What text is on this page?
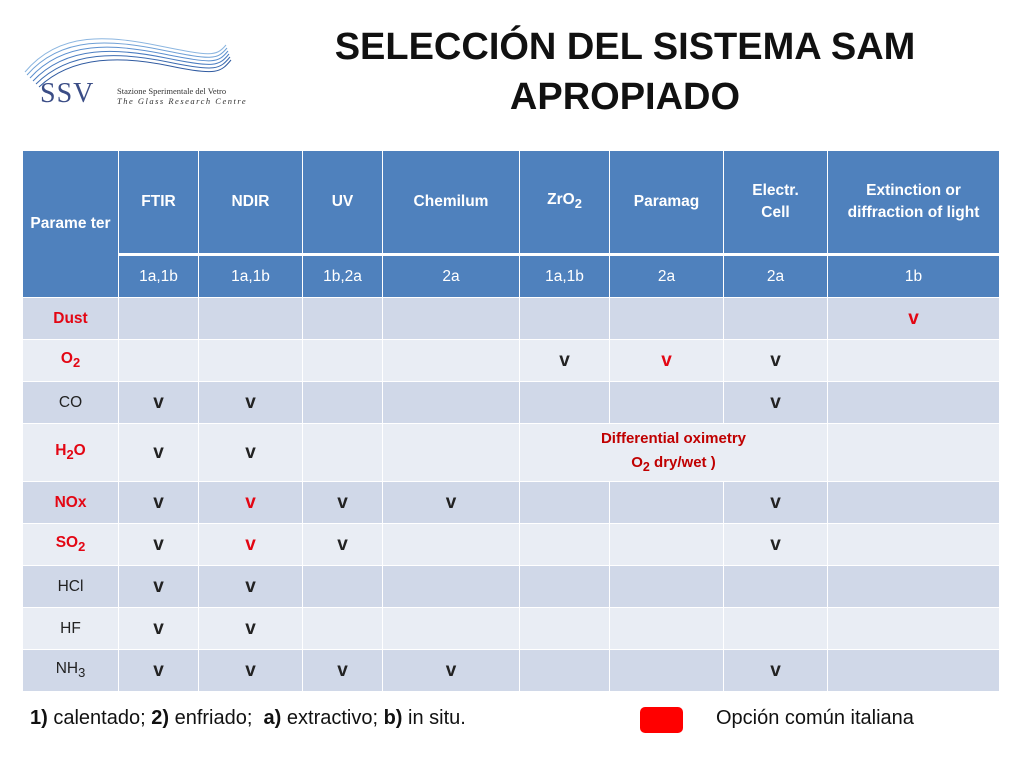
SSV	Stazione Sperimentale del Vetro
The Glass Research Centre
SELECCIÓN DEL SISTEMA SAM APROPIADO
Parame ter	FTIR	NDIR	UV	Chemilum	ZrO$_2$	Paramag	Electr. Cell	Extinction or diffraction of light
	1a,1b	1a,1b	1b,2a	2a	1a,1b	2a	2a	1b
Dust								v
$O_2$					v	v	v	
CO	v	v					v	
$H_2O$	v	v			Differential oximetry
$O_2$ dry/wet )			

NOx	v	v	v	v			v	
$SO_2$	v	v	v				v	
HCl	v	v						
HF	v	v						
$NH_3$	v	v	v	v			v	
1) calentado; 2) enfriado;  a) extractivo; b) in situ.	Opción común italiana
